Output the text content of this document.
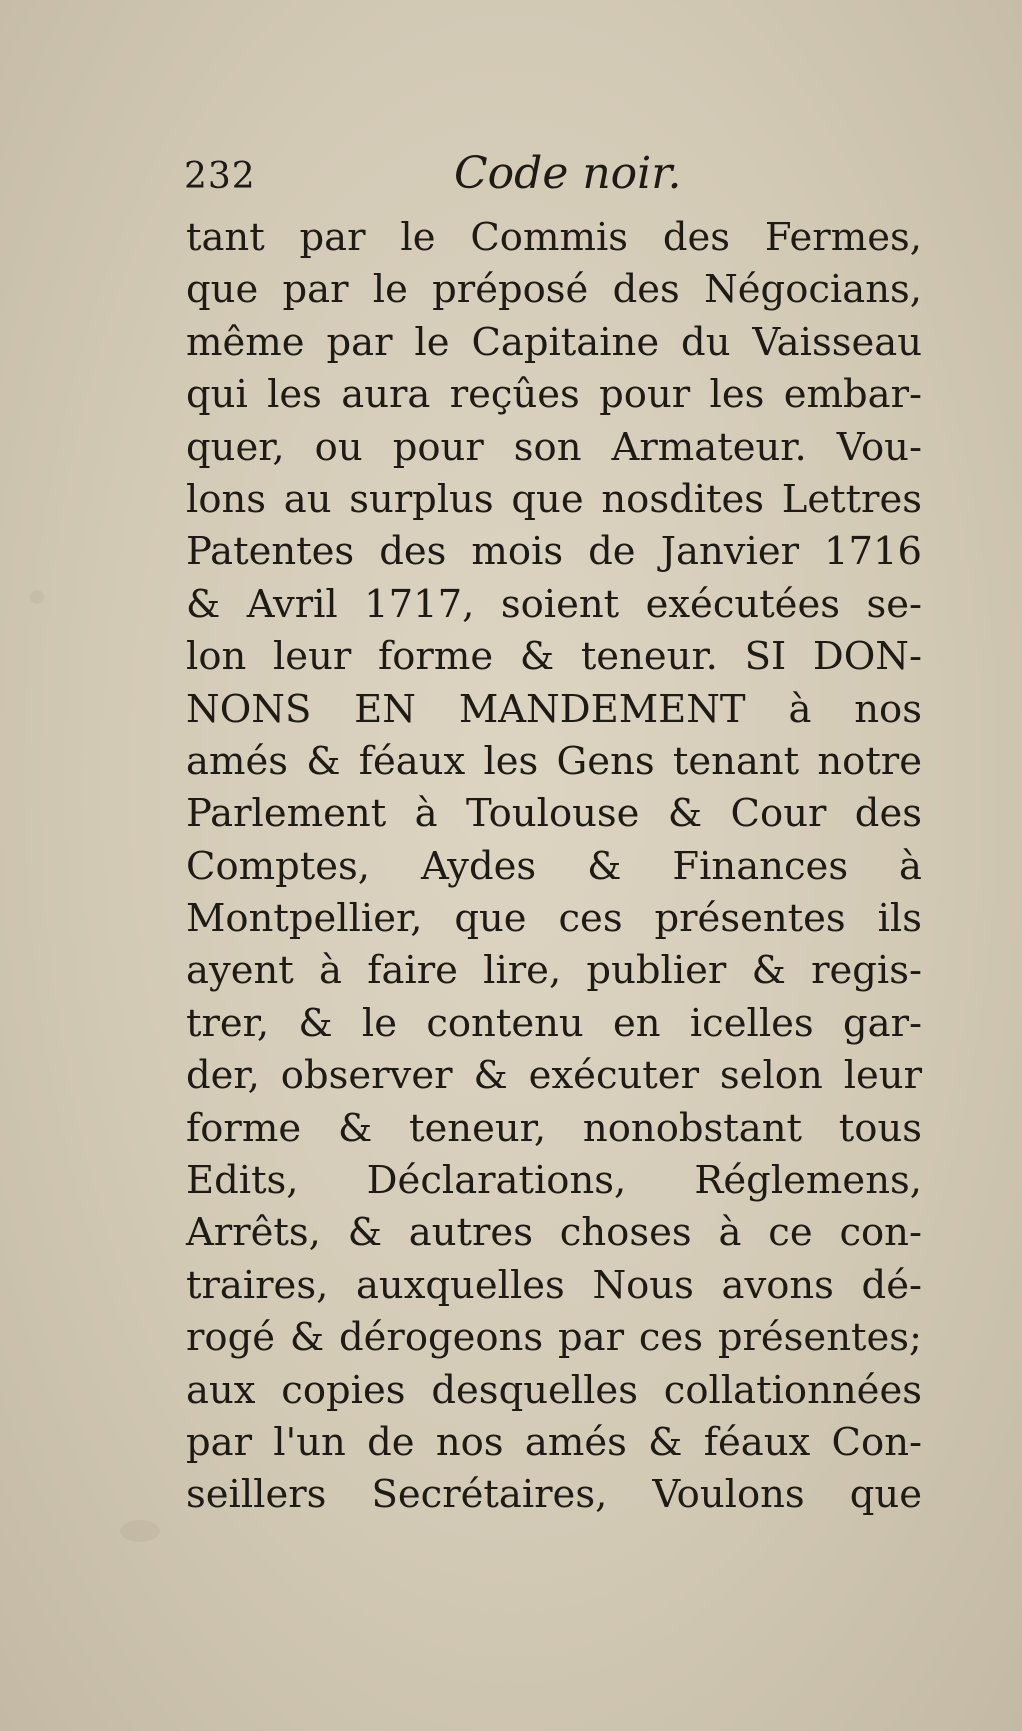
232	Code noir.
tant par le Commis des Fermes,
que par le préposé des Négocians,
même par le Capitaine du Vaisseau
qui les aura reçûes pour les embar-
quer, ou pour son Armateur. Vou-
lons au surplus que nosdites Lettres
Patentes des mois de Janvier 1716
& Avril 1717, soient exécutées se-
lon leur forme & teneur. SI DON-
NONS EN MANDEMENT à nos
amés & féaux les Gens tenant notre
Parlement à Toulouse & Cour des
Comptes, Aydes & Finances à
Montpellier, que ces présentes ils
ayent à faire lire, publier & regis-
trer, & le contenu en icelles gar-
der, observer & exécuter selon leur
forme & teneur, nonobstant tous
Edits, Déclarations, Réglemens,
Arrêts, & autres choses à ce con-
traires, auxquelles Nous avons dé-
rogé & dérogeons par ces présentes;
aux copies desquelles collationnées
par l'un de nos amés & féaux Con-
seillers Secrétaires, Voulons que
